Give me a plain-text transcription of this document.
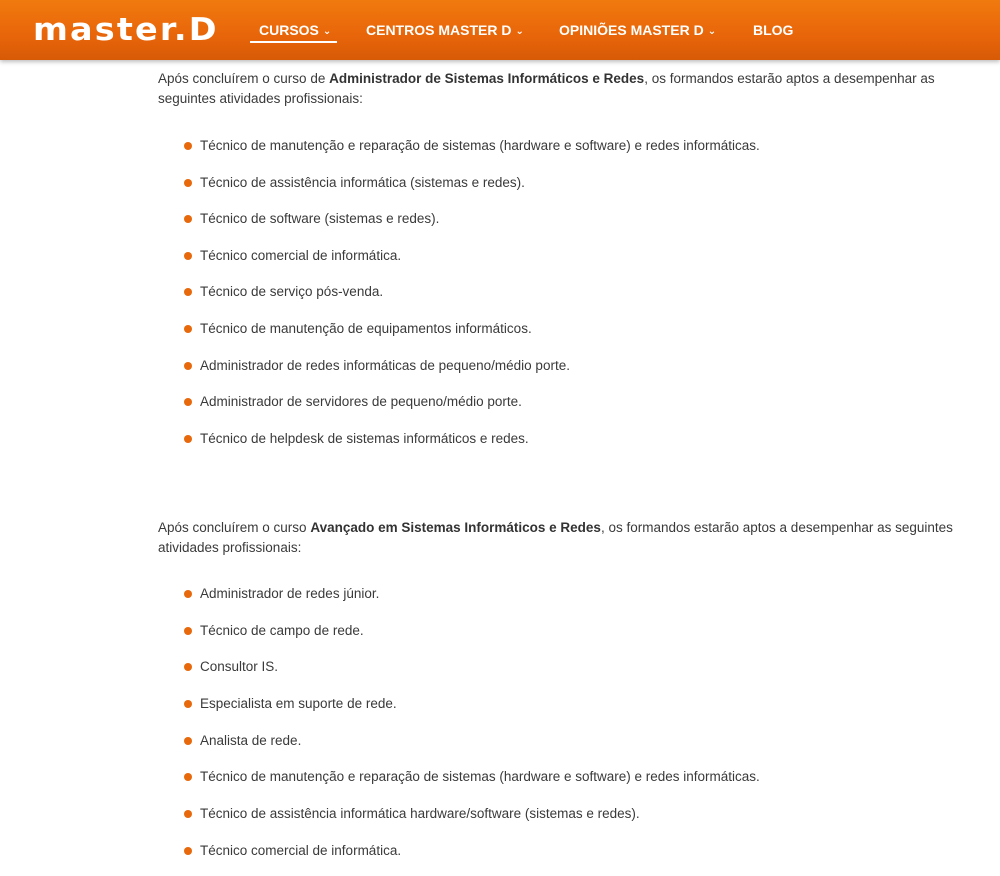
master.D	CURSOS ⌄ CENTROS MASTER D ⌄	OPINIÕES MASTER D ⌄	BLOG

Após concluírem o curso de Administrador de Sistemas Informáticos e Redes, os formandos estarão aptos a desempenhar as seguintes atividades profissionais:

Técnico de manutenção e reparação de sistemas (hardware e software) e redes informáticas.
Técnico de assistência informática (sistemas e redes).
Técnico de software (sistemas e redes).
Técnico comercial de informática.
Técnico de serviço pós-venda.
Técnico de manutenção de equipamentos informáticos.
Administrador de redes informáticas de pequeno/médio porte.
Administrador de servidores de pequeno/médio porte.
Técnico de helpdesk de sistemas informáticos e redes.

Após concluírem o curso Avançado em Sistemas Informáticos e Redes, os formandos estarão aptos a desempenhar as seguintes atividades profissionais:

Administrador de redes júnior.
Técnico de campo de rede.
Consultor IS.
Especialista em suporte de rede.
Analista de rede.
Técnico de manutenção e reparação de sistemas (hardware e software) e redes informáticas.
Técnico de assistência informática hardware/software (sistemas e redes).
Técnico comercial de informática.
